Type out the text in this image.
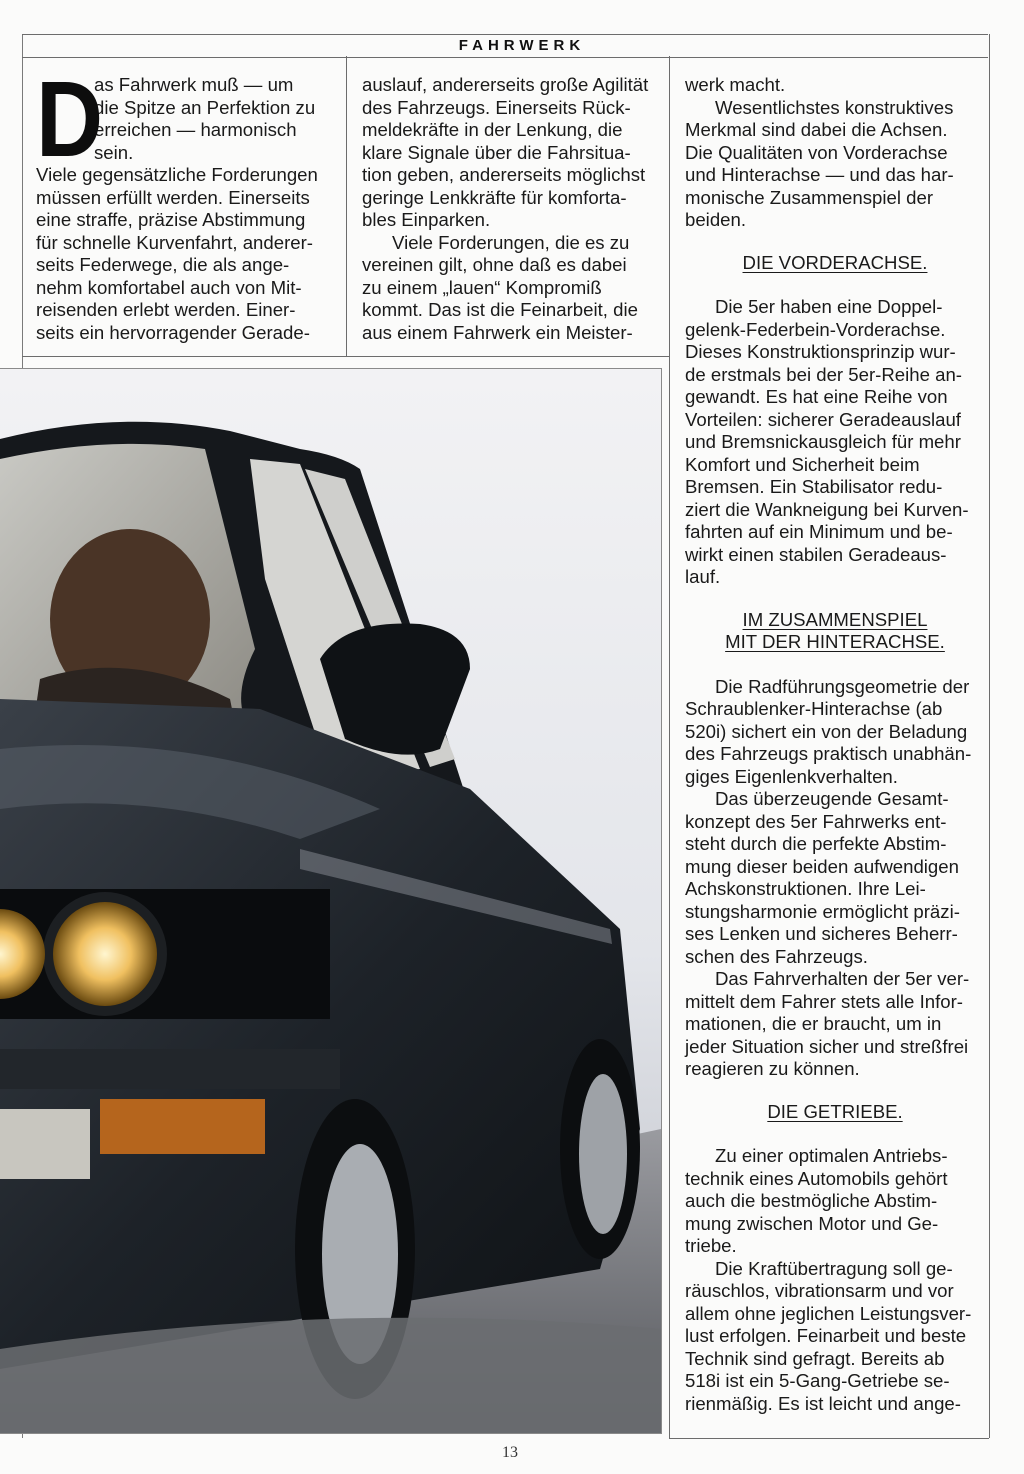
FAHRWERK
D

as Fahrwerk muß — um

die Spitze an Perfektion zu

erreichen — harmonisch

sein.

Viele gegensätzliche Forderungen

müssen erfüllt werden. Einerseits

eine straffe, präzise Abstimmung

für schnelle Kurvenfahrt, anderer-

seits Federwege, die als ange-

nehm komfortabel auch von Mit-

reisenden erlebt werden. Einer-

seits ein hervorragender Gerade-

auslauf, andererseits große Agilität

des Fahrzeugs. Einerseits Rück-

meldekräfte in der Lenkung, die

klare Signale über die Fahrsitua-

tion geben, andererseits möglichst

geringe Lenkkräfte für komforta-

bles Einparken.

Viele Forderungen, die es zu

vereinen gilt, ohne daß es dabei

zu einem „lauen“ Kompromiß

kommt. Das ist die Feinarbeit, die

aus einem Fahrwerk ein Meister-

werk macht.

Wesentlichstes konstruktives

Merkmal sind dabei die Achsen.

Die Qualitäten von Vorderachse

und Hinterachse — und das har-

monische Zusammenspiel der

beiden.

DIE VORDERACHSE.

Die 5er haben eine Doppel-

gelenk-Federbein-Vorderachse.

Dieses Konstruktionsprinzip wur-

de erstmals bei der 5er-Reihe an-

gewandt. Es hat eine Reihe von

Vorteilen: sicherer Geradeauslauf

und Bremsnickausgleich für mehr

Komfort und Sicherheit beim

Bremsen. Ein Stabilisator redu-

ziert die Wankneigung bei Kurven-

fahrten auf ein Minimum und be-

wirkt einen stabilen Geradeaus-

lauf.

IM ZUSAMMENSPIEL

MIT DER HINTERACHSE.

Die Radführungsgeometrie der

Schraublenker-Hinterachse (ab

520i) sichert ein von der Beladung

des Fahrzeugs praktisch unabhän-

giges Eigenlenkverhalten.

Das überzeugende Gesamt-

konzept des 5er Fahrwerks ent-

steht durch die perfekte Abstim-

mung dieser beiden aufwendigen

Achskonstruktionen. Ihre Lei-

stungsharmonie ermöglicht präzi-

ses Lenken und sicheres Beherr-

schen des Fahrzeugs.

Das Fahrverhalten der 5er ver-

mittelt dem Fahrer stets alle Infor-

mationen, die er braucht, um in

jeder Situation sicher und streßfrei

reagieren zu können.

DIE GETRIEBE.

Zu einer optimalen Antriebs-

technik eines Automobils gehört

auch die bestmögliche Abstim-

mung zwischen Motor und Ge-

triebe.

Die Kraftübertragung soll ge-

räuschlos, vibrationsarm und vor

allem ohne jeglichen Leistungsver-

lust erfolgen. Feinarbeit und beste

Technik sind gefragt. Bereits ab

518i ist ein 5-Gang-Getriebe se-

rienmäßig. Es ist leicht und ange-

13
